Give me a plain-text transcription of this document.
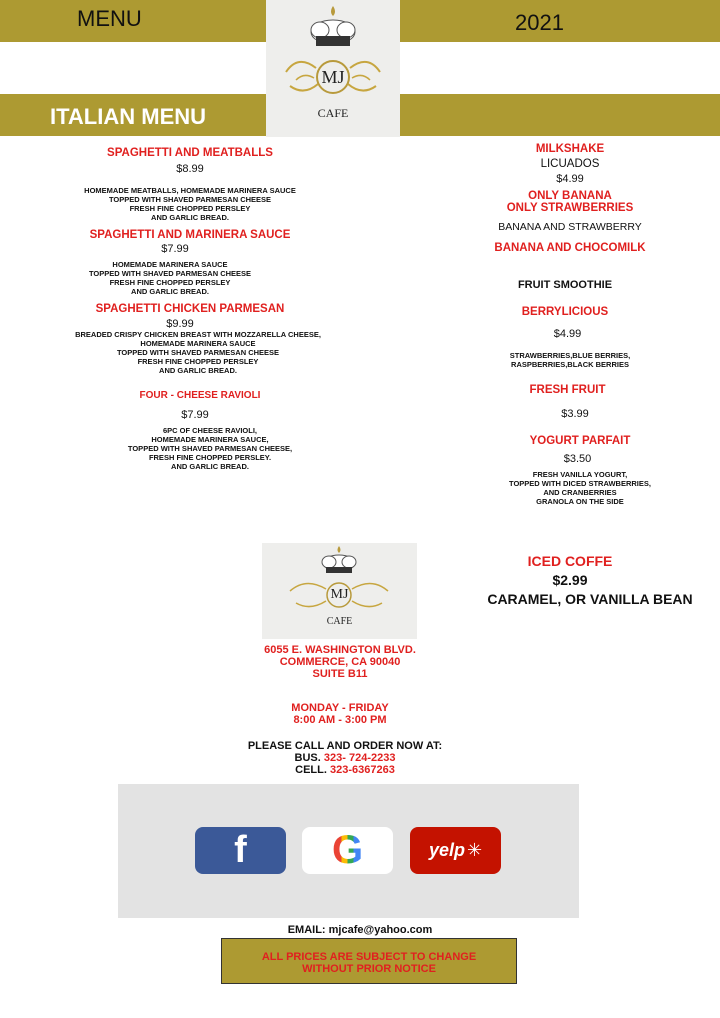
MENU	2021
ITALIAN MENU
MJ
CAFE
SPAGHETTI AND MEATBALLS
$8.99
HOMEMADE MEATBALLS, HOMEMADE MARINERA SAUCE
TOPPED WITH SHAVED PARMESAN CHEESE
FRESH FINE CHOPPED PERSLEY
AND GARLIC BREAD.
SPAGHETTI AND MARINERA SAUCE
$7.99
HOMEMADE MARINERA SAUCE
TOPPED WITH SHAVED PARMESAN CHEESE
FRESH FINE CHOPPED PERSLEY
AND GARLIC BREAD.
SPAGHETTI CHICKEN PARMESAN
$9.99
BREADED CRISPY CHICKEN BREAST WITH MOZZARELLA CHEESE,
HOMEMADE MARINERA SAUCE
TOPPED WITH SHAVED PARMESAN CHEESE
FRESH FINE CHOPPED PERSLEY
AND GARLIC BREAD.
FOUR - CHEESE RAVIOLI
$7.99
6PC OF CHEESE RAVIOLI,
HOMEMADE MARINERA SAUCE,
TOPPED WITH SHAVED PARMESAN CHEESE,
FRESH FINE CHOPPED PERSLEY.
AND GARLIC BREAD.
MILKSHAKE
LICUADOS
$4.99
ONLY BANANA
ONLY STRAWBERRIES
BANANA AND STRAWBERRY
BANANA AND CHOCOMILK
FRUIT SMOOTHIE
BERRYLICIOUS
$4.99
STRAWBERRIES,BLUE BERRIES,
RASPBERRIES,BLACK BERRIES
FRESH FRUIT
$3.99
YOGURT PARFAIT
$3.50
FRESH VANILLA YOGURT,
TOPPED WITH DICED STRAWBERRIES,
AND CRANBERRIES
GRANOLA ON THE SIDE
ICED COFFE
$2.99
CARAMEL, OR VANILLA BEAN
MJ
CAFE
6055 E. WASHINGTON BLVD.
COMMERCE, CA 90040
SUITE B11
MONDAY - FRIDAY
8:00 AM - 3:00 PM
PLEASE CALL AND ORDER NOW AT:
BUS. 323- 724-2233
CELL. 323-6367263
f G	yelp ✳
EMAIL: mjcafe@yahoo.com
ALL PRICES ARE SUBJECT TO CHANGE
WITHOUT PRIOR NOTICE
